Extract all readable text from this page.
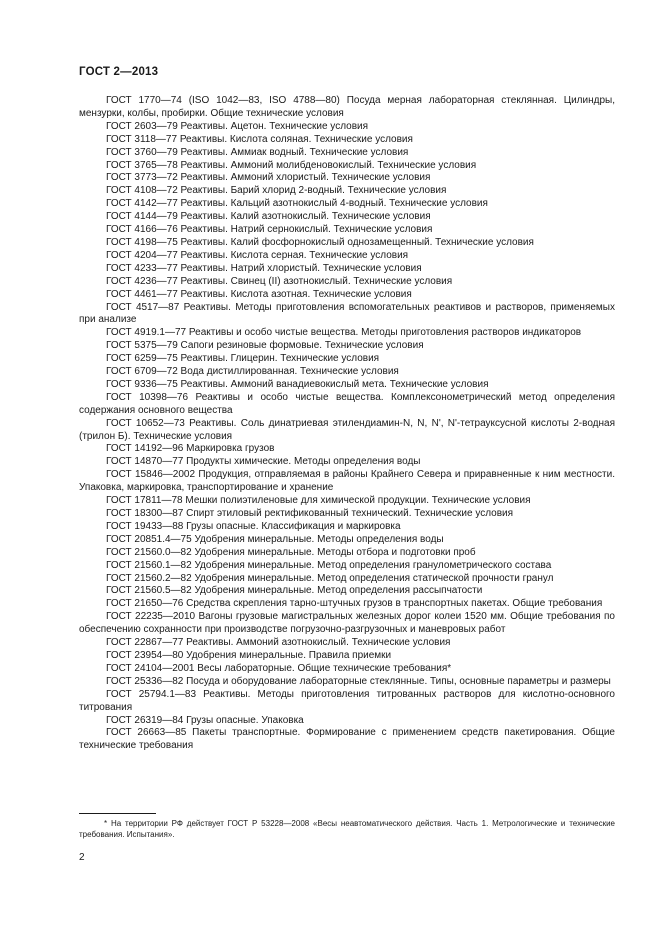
ГОСТ 2—2013

ГОСТ 1770—74 (ISO 1042—83, ISO 4788—80) Посуда мерная лабораторная стеклянная. Цилиндры, мензурки, колбы, пробирки. Общие технические условия

ГОСТ 2603—79 Реактивы. Ацетон. Технические условия

ГОСТ 3118—77 Реактивы. Кислота соляная. Технические условия

ГОСТ 3760—79 Реактивы. Аммиак водный. Технические условия

ГОСТ 3765—78 Реактивы. Аммоний молибденовокислый. Технические условия

ГОСТ 3773—72 Реактивы. Аммоний хлористый. Технические условия

ГОСТ 4108—72 Реактивы. Барий хлорид 2-водный. Технические условия

ГОСТ 4142—77 Реактивы. Кальций азотнокислый 4-водный. Технические условия

ГОСТ 4144—79 Реактивы. Калий азотнокислый. Технические условия

ГОСТ 4166—76 Реактивы. Натрий сернокислый. Технические условия

ГОСТ 4198—75 Реактивы. Калий фосфорнокислый однозамещенный. Технические условия

ГОСТ 4204—77 Реактивы. Кислота серная. Технические условия

ГОСТ 4233—77 Реактивы. Натрий хлористый. Технические условия

ГОСТ 4236—77 Реактивы. Свинец (II) азотнокислый. Технические условия

ГОСТ 4461—77 Реактивы. Кислота азотная. Технические условия

ГОСТ 4517—87 Реактивы. Методы приготовления вспомогательных реактивов и растворов, применяемых при анализе

ГОСТ 4919.1—77 Реактивы и особо чистые вещества. Методы приготовления растворов индикаторов

ГОСТ 5375—79 Сапоги резиновые формовые. Технические условия

ГОСТ 6259—75 Реактивы. Глицерин. Технические условия

ГОСТ 6709—72 Вода дистиллированная. Технические условия

ГОСТ 9336—75 Реактивы. Аммоний ванадиевокислый мета. Технические условия

ГОСТ 10398—76 Реактивы и особо чистые вещества. Комплексонометрический метод определения содержания основного вещества

ГОСТ 10652—73 Реактивы. Соль динатриевая этилендиамин-N, N, N', N'-тетрауксусной кислоты 2-водная (трилон Б). Технические условия

ГОСТ 14192—96 Маркировка грузов

ГОСТ 14870—77 Продукты химические. Методы определения воды

ГОСТ 15846—2002 Продукция, отправляемая в районы Крайнего Севера и приравненные к ним местности. Упаковка, маркировка, транспортирование и хранение

ГОСТ 17811—78 Мешки полиэтиленовые для химической продукции. Технические условия

ГОСТ 18300—87 Спирт этиловый ректификованный технический. Технические условия

ГОСТ 19433—88 Грузы опасные. Классификация и маркировка

ГОСТ 20851.4—75 Удобрения минеральные. Методы определения воды

ГОСТ 21560.0—82 Удобрения минеральные. Методы отбора и подготовки проб

ГОСТ 21560.1—82 Удобрения минеральные. Метод определения гранулометрического состава

ГОСТ 21560.2—82 Удобрения минеральные. Метод определения статической прочности гранул

ГОСТ 21560.5—82 Удобрения минеральные. Метод определения рассыпчатости

ГОСТ 21650—76 Средства скрепления тарно-штучных грузов в транспортных пакетах. Общие требования

ГОСТ 22235—2010 Вагоны грузовые магистральных железных дорог колеи 1520 мм. Общие требования по обеспечению сохранности при производстве погрузочно-разгрузочных и маневровых работ

ГОСТ 22867—77 Реактивы. Аммоний азотнокислый. Технические условия

ГОСТ 23954—80 Удобрения минеральные. Правила приемки

ГОСТ 24104—2001 Весы лабораторные. Общие технические требования*

ГОСТ 25336—82 Посуда и оборудование лабораторные стеклянные. Типы, основные параметры и размеры

ГОСТ 25794.1—83 Реактивы. Методы приготовления титрованных растворов для кислотно-основного титрования

ГОСТ 26319—84 Грузы опасные. Упаковка

ГОСТ 26663—85 Пакеты транспортные. Формирование с применением средств пакетирования. Общие технические требования

* На территории РФ действует ГОСТ Р 53228—2008 «Весы неавтоматического действия. Часть 1. Метрологические и технические требования. Испытания».
2
